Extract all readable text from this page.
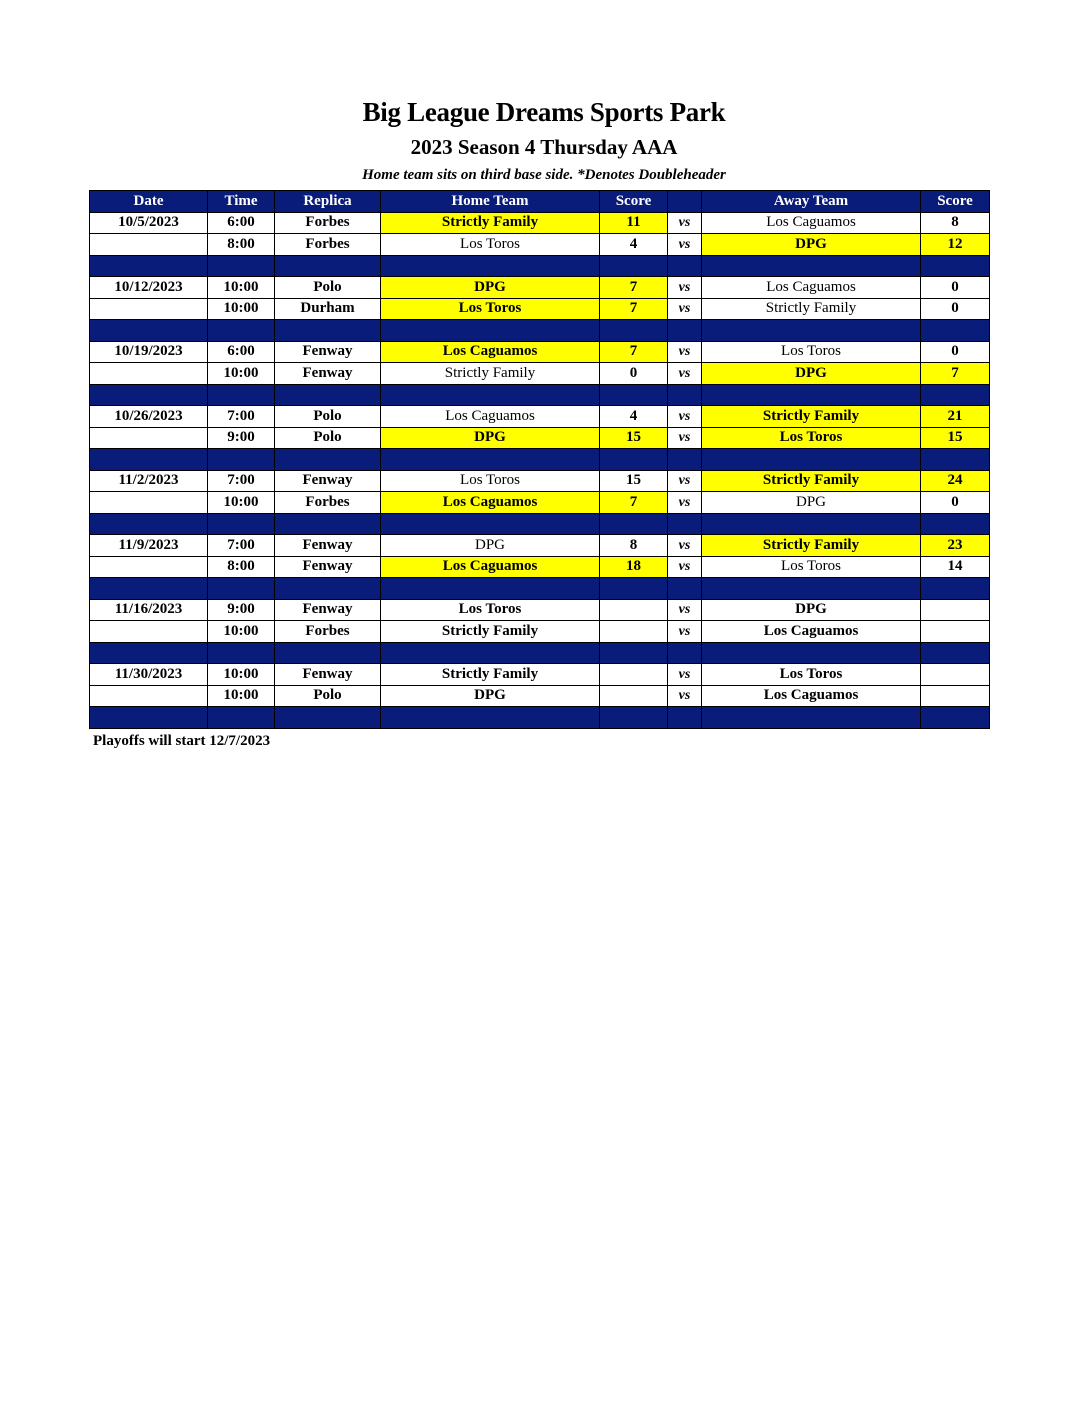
Big League Dreams Sports Park
2023 Season 4 Thursday AAA
Home team sits on third base side. *Denotes Doubleheader
Date	Time	Replica	Home Team	Score		Away Team	Score
10/5/2023	6:00	Forbes	Strictly Family	11	vs	Los Caguamos	8
	8:00	Forbes	Los Toros	4	vs	DPG	12

10/12/2023	10:00	Polo	DPG	7	vs	Los Caguamos	0
	10:00	Durham	Los Toros	7	vs	Strictly Family	0

10/19/2023	6:00	Fenway	Los Caguamos	7	vs	Los Toros	0
	10:00	Fenway	Strictly Family	0	vs	DPG	7

10/26/2023	7:00	Polo	Los Caguamos	4	vs	Strictly Family	21
	9:00	Polo	DPG	15	vs	Los Toros	15

11/2/2023	7:00	Fenway	Los Toros	15	vs	Strictly Family	24
	10:00	Forbes	Los Caguamos	7	vs	DPG	0

11/9/2023	7:00	Fenway	DPG	8	vs	Strictly Family	23
	8:00	Fenway	Los Caguamos	18	vs	Los Toros	14

11/16/2023	9:00	Fenway	Los Toros		vs	DPG	
	10:00	Forbes	Strictly Family		vs	Los Caguamos	

11/30/2023	10:00	Fenway	Strictly Family		vs	Los Toros	
	10:00	Polo	DPG		vs	Los Caguamos	

Playoffs will start 12/7/2023
